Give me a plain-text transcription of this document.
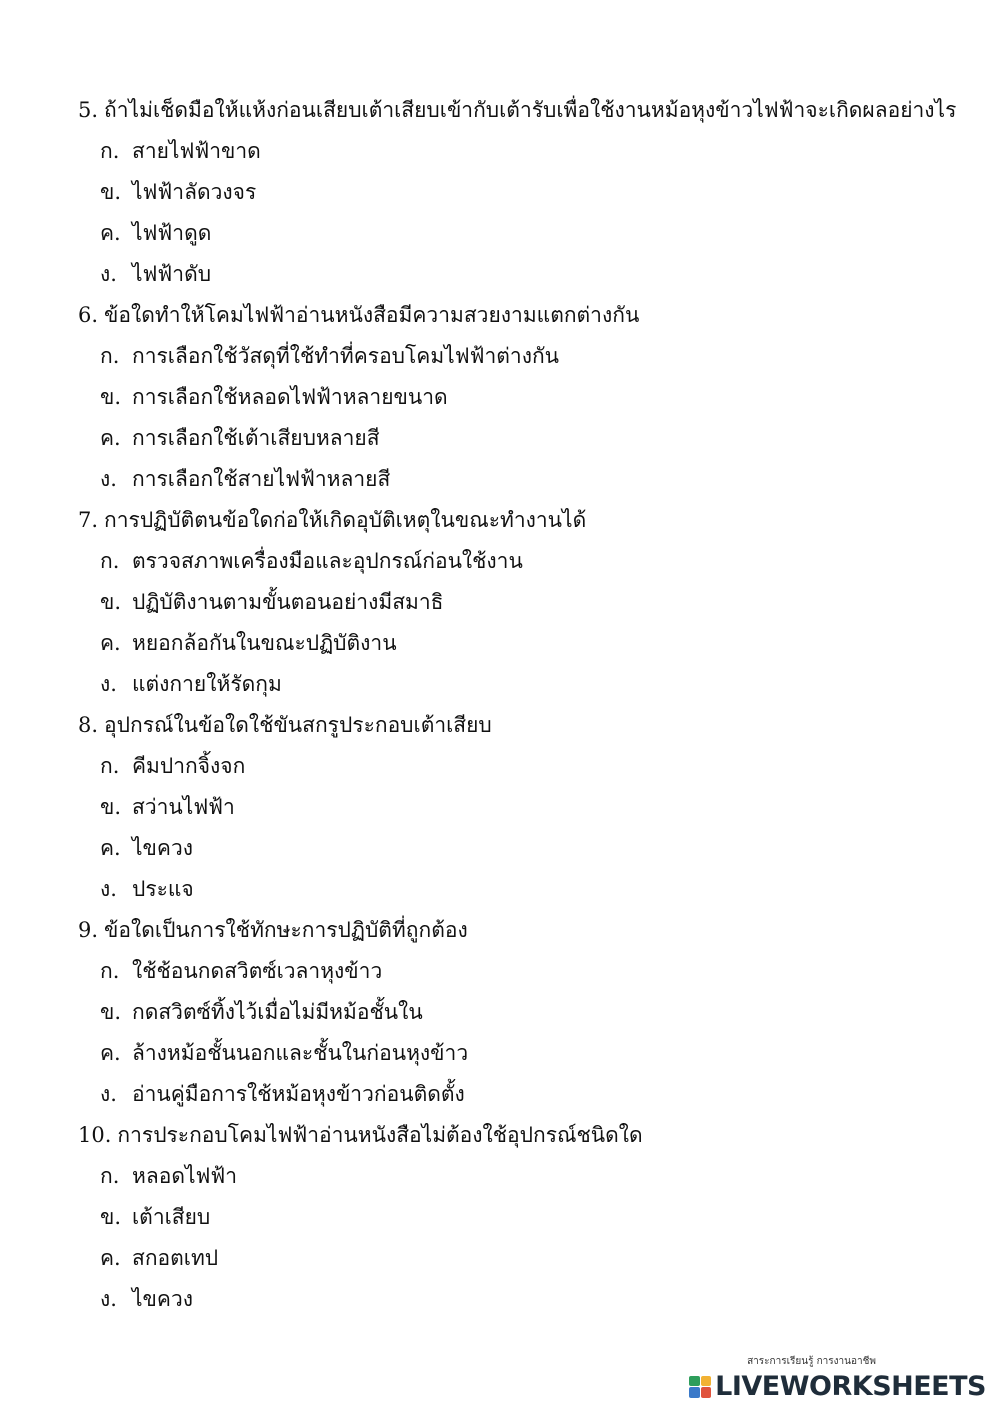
5. ถ้าไม่เช็ดมือให้แห้งก่อนเสียบเต้าเสียบเข้ากับเต้ารับเพื่อใช้งานหม้อหุงข้าวไฟฟ้าจะเกิดผลอย่างไร
ก. สายไฟฟ้าขาด
ข. ไฟฟ้าลัดวงจร
ค. ไฟฟ้าดูด
ง. ไฟฟ้าดับ
6. ข้อใดทำให้โคมไฟฟ้าอ่านหนังสือมีความสวยงามแตกต่างกัน
ก. การเลือกใช้วัสดุที่ใช้ทำที่ครอบโคมไฟฟ้าต่างกัน
ข. การเลือกใช้หลอดไฟฟ้าหลายขนาด
ค. การเลือกใช้เต้าเสียบหลายสี
ง. การเลือกใช้สายไฟฟ้าหลายสี
7. การปฏิบัติตนข้อใดก่อให้เกิดอุบัติเหตุในขณะทำงานได้
ก. ตรวจสภาพเครื่องมือและอุปกรณ์ก่อนใช้งาน
ข. ปฏิบัติงานตามขั้นตอนอย่างมีสมาธิ
ค. หยอกล้อกันในขณะปฏิบัติงาน
ง. แต่งกายให้รัดกุม
8. อุปกรณ์ในข้อใดใช้ขันสกรูประกอบเต้าเสียบ
ก. คีมปากจิ้งจก
ข. สว่านไฟฟ้า
ค. ไขควง
ง. ประแจ
9. ข้อใดเป็นการใช้ทักษะการปฏิบัติที่ถูกต้อง
ก. ใช้ช้อนกดสวิตซ์เวลาหุงข้าว
ข. กดสวิตซ์ทิ้งไว้เมื่อไม่มีหม้อชั้นใน
ค. ล้างหม้อชั้นนอกและชั้นในก่อนหุงข้าว
ง. อ่านคู่มือการใช้หม้อหุงข้าวก่อนติดตั้ง
10. การประกอบโคมไฟฟ้าอ่านหนังสือไม่ต้องใช้อุปกรณ์ชนิดใด
ก. หลอดไฟฟ้า
ข. เต้าเสียบ
ค. สกอตเทป
ง. ไขควง
สาระการเรียนรู้ การงานอาชีพ
LIVEWORKSHEETS
